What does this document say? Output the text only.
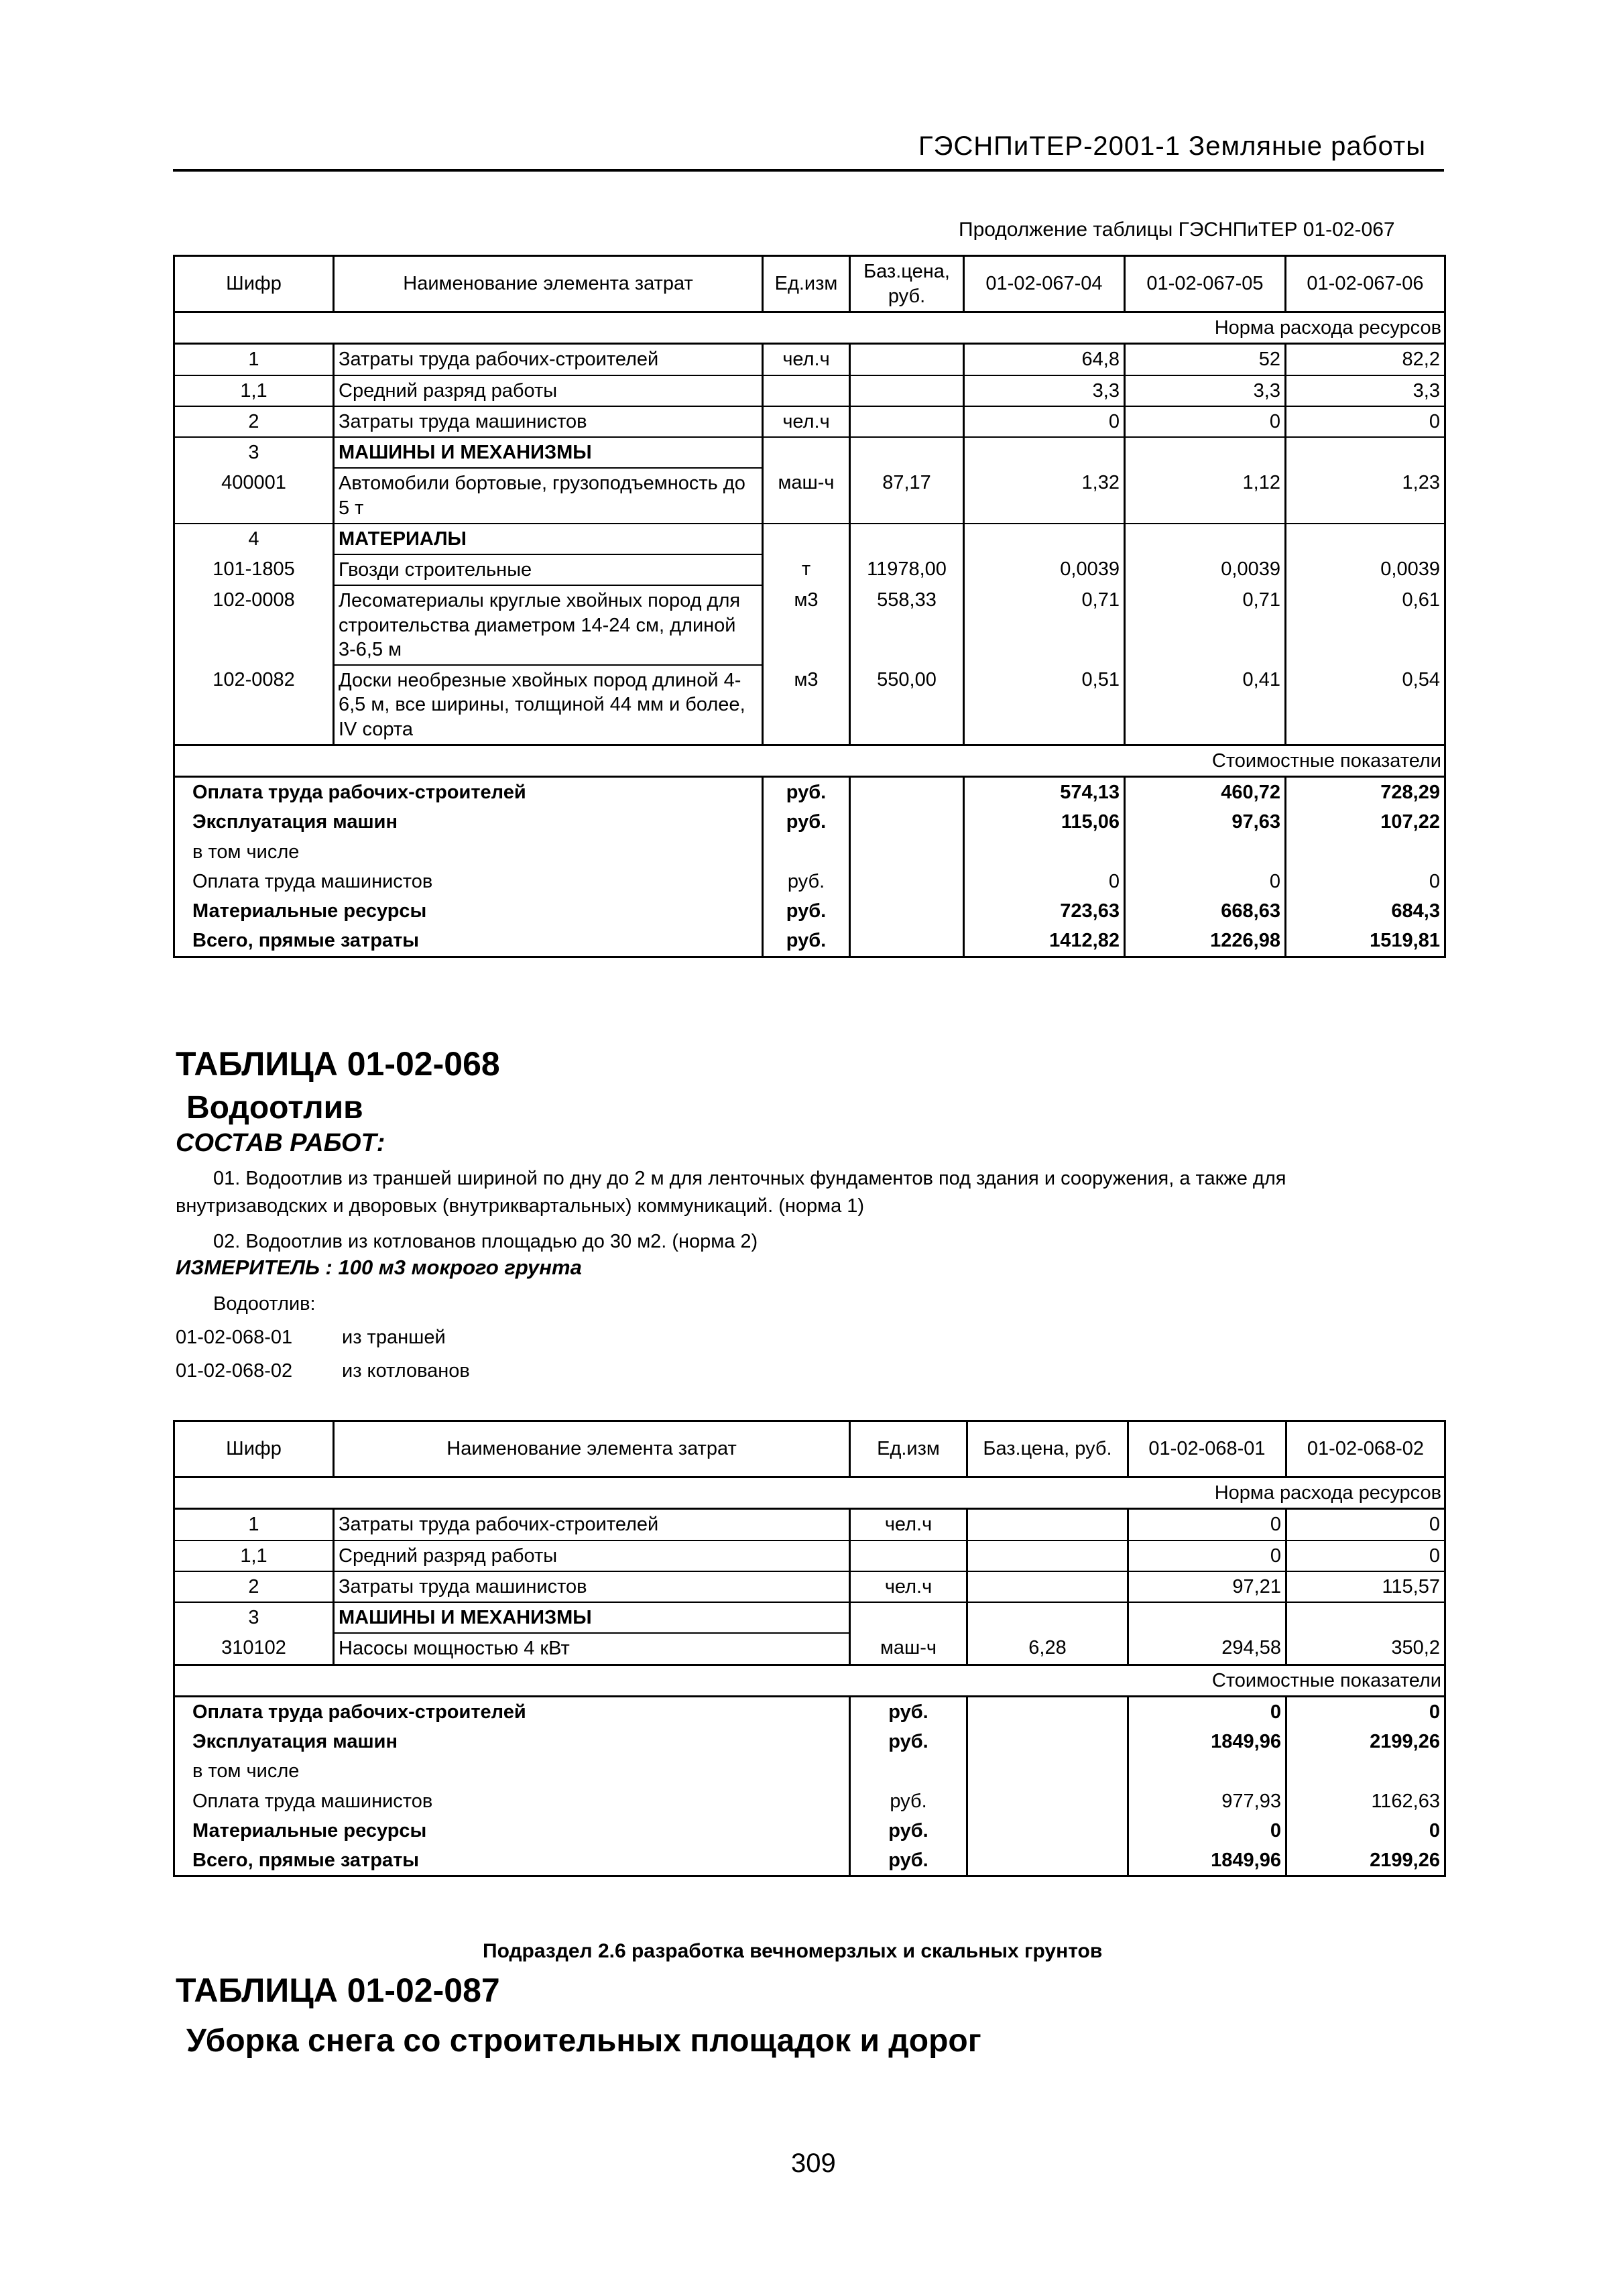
ГЭСНПиТЕР-2001-1 Земляные работы
Продолжение таблицы ГЭСНПиТЕР 01-02-067
Шифр	Наименование элемента затрат	Ед.изм	Баз.цена, руб.	01-02-067-04	01-02-067-05	01-02-067-06
Норма расхода ресурсов						
1	Затраты труда рабочих-строителей	чел.ч		64,8	52	82,2
1,1	Средний разряд работы			3,3	3,3	3,3
2	Затраты труда машинистов	чел.ч		0	0	0
3	МАШИНЫ И МЕХАНИЗМЫ					
400001	Автомобили бортовые, грузоподъемность до 5 т	маш-ч	87,17	1,32	1,12	1,23
4	МАТЕРИАЛЫ					
101-1805	Гвозди строительные	т	11978,00	0,0039	0,0039	0,0039
102-0008	Лесоматериалы круглые хвойных пород для строительства диаметром 14-24 см, длиной 3-6,5 м	м3	558,33	0,71	0,71	0,61
102-0082	Доски необрезные хвойных пород длиной 4-6,5 м, все ширины, толщиной 44 мм и более, IV сорта	м3	550,00	0,51	0,41	0,54
Стоимостные показатели						
Оплата труда рабочих-строителей		руб.		574,13	460,72	728,29
Эксплуатация машин		руб.		115,06	97,63	107,22
в том числе						
Оплата труда машинистов		руб.		0	0	0
Материальные ресурсы		руб.		723,63	668,63	684,3
Всего, прямые затраты		руб.		1412,82	1226,98	1519,81
ТАБЛИЦА 01-02-068
Водоотлив
СОСТАВ РАБОТ:
01. Водоотлив из траншей шириной по дну до 2 м для ленточных фундаментов под здания и сооружения, а также для внутризаводских и дворовых (внутриквартальных) коммуникаций. (норма 1)
02. Водоотлив из котлованов площадью до 30 м2. (норма 2)
ИЗМЕРИТЕЛЬ : 100 м3 мокрого грунта
Водоотлив:
01-02-068-01	из траншей
01-02-068-02	из котлованов
Шифр	Наименование элемента затрат	Ед.изм	Баз.цена, руб.	01-02-068-01	01-02-068-02
Норма расхода ресурсов					
1	Затраты труда рабочих-строителей	чел.ч		0	0
1,1	Средний разряд работы			0	0
2	Затраты труда машинистов	чел.ч		97,21	115,57
3	МАШИНЫ И МЕХАНИЗМЫ				
310102	Насосы мощностью 4 кВт	маш-ч	6,28	294,58	350,2
Стоимостные показатели					
Оплата труда рабочих-строителей		руб.		0	0
Эксплуатация машин		руб.		1849,96	2199,26
в том числе					
Оплата труда машинистов		руб.		977,93	1162,63
Материальные ресурсы		руб.		0	0
Всего, прямые затраты		руб.		1849,96	2199,26
Подраздел 2.6 разработка вечномерзлых и скальных грунтов
ТАБЛИЦА 01-02-087
Уборка снега со строительных площадок и дорог
309
